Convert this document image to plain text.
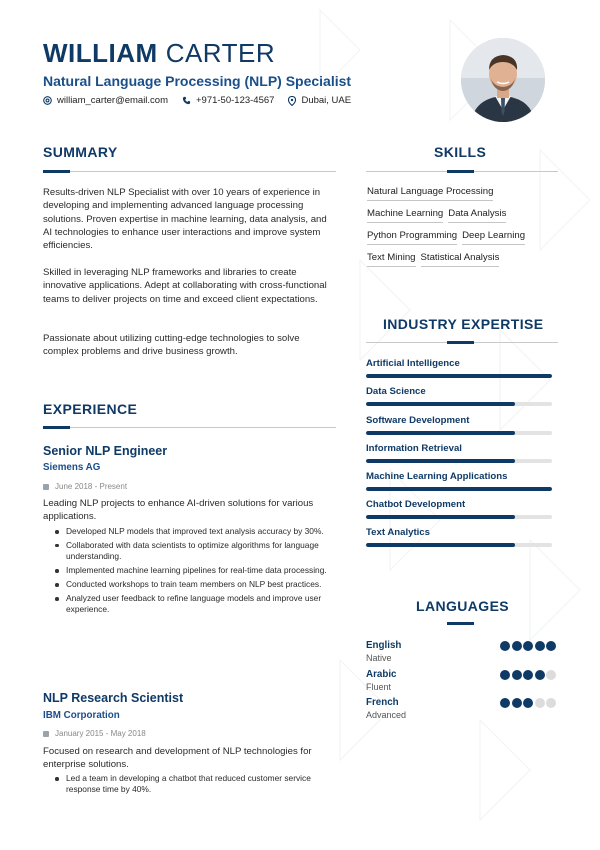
WILLIAM CARTER
Natural Language Processing (NLP) Specialist
william_carter@email.com	+971-50-123-4567	Dubai, UAE
SUMMARY
Results-driven NLP Specialist with over 10 years of experience in developing and implementing advanced language processing solutions. Proven expertise in machine learning, data analysis, and AI technologies to enhance user interactions and improve system efficiencies.
Skilled in leveraging NLP frameworks and libraries to create innovative applications. Adept at collaborating with cross-functional teams to deliver projects on time and exceed client expectations.
Passionate about utilizing cutting-edge technologies to solve complex problems and drive business growth.
EXPERIENCE
Senior NLP Engineer
Siemens AG
June 2018 - Present
Leading NLP projects to enhance AI-driven solutions for various applications.
Developed NLP models that improved text analysis accuracy by 30%.
Collaborated with data scientists to optimize algorithms for language understanding.
Implemented machine learning pipelines for real-time data processing.
Conducted workshops to train team members on NLP best practices.
Analyzed user feedback to refine language models and improve user experience.
NLP Research Scientist
IBM Corporation
January 2015 - May 2018
Focused on research and development of NLP technologies for enterprise solutions.
Led a team in developing a chatbot that reduced customer service response time by 40%.
SKILLS
Natural Language Processing
Machine Learning Data Analysis
Python Programming Deep Learning
Text Mining Statistical Analysis
INDUSTRY EXPERTISE
Artificial Intelligence
Data Science
Software Development
Information Retrieval
Machine Learning Applications
Chatbot Development
Text Analytics
LANGUAGES
English
Native
Arabic
Fluent
French
Advanced
